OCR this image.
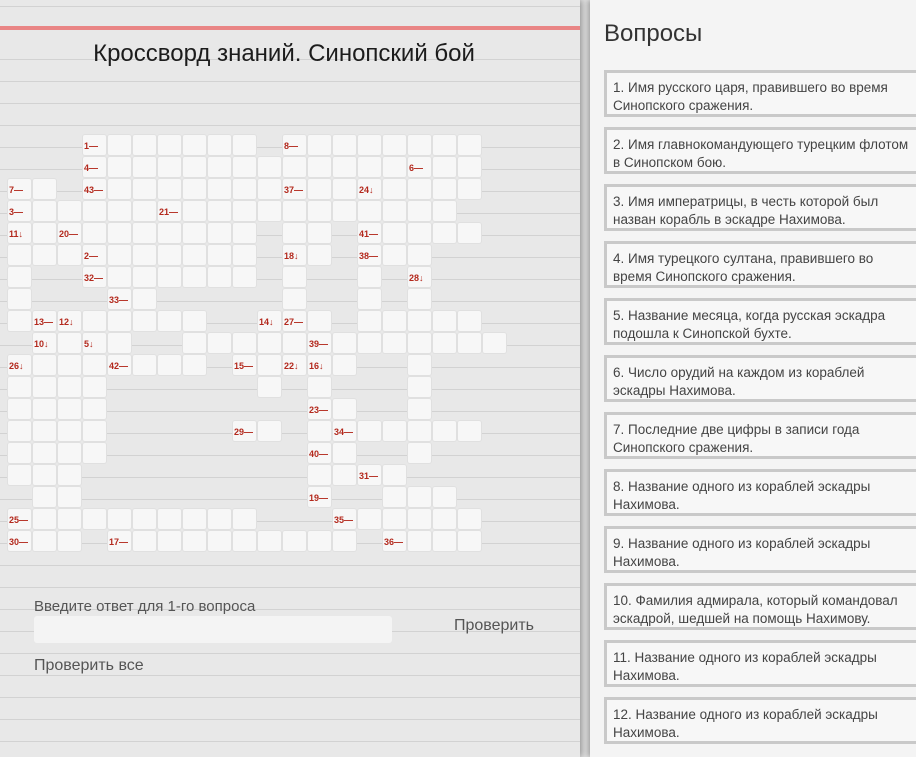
Кроссворд знаний. Синопский бой
1—	8—
4—	6—
7—	43—	37—	24↓
3—	21—
11↓	20—	41—
2—	18↓	38—
32—	28↓
33—
13— 12↓	14↓ 27—
10↓	5↓	39—
26↓	42—	15—	22↓ 16↓
23—
29—	34—
40—
31—
19—
25—	35—
30—	17—	36—
Введите ответ для 1-го вопроса
Проверить
Проверить все
Вопросы
1. Имя русского царя, правившего во время Синопского сражения.
2. Имя главнокомандующего турецким флотом в Синопском бою.
3. Имя императрицы, в честь которой был назван корабль в эскадре Нахимова.
4. Имя турецкого султана, правившего во время Синопского сражения.
5. Название месяца, когда русская эскадра подошла к Синопской бухте.
6. Число орудий на каждом из кораблей эскадры Нахимова.
7. Последние две цифры в записи года Синопского сражения.
8. Название одного из кораблей эскадры Нахимова.
9. Название одного из кораблей эскадры Нахимова.
10. Фамилия адмирала, который командовал эскадрой, шедшей на помощь Нахимову.
11. Название одного из кораблей эскадры Нахимова.
12. Название одного из кораблей эскадры Нахимова.
